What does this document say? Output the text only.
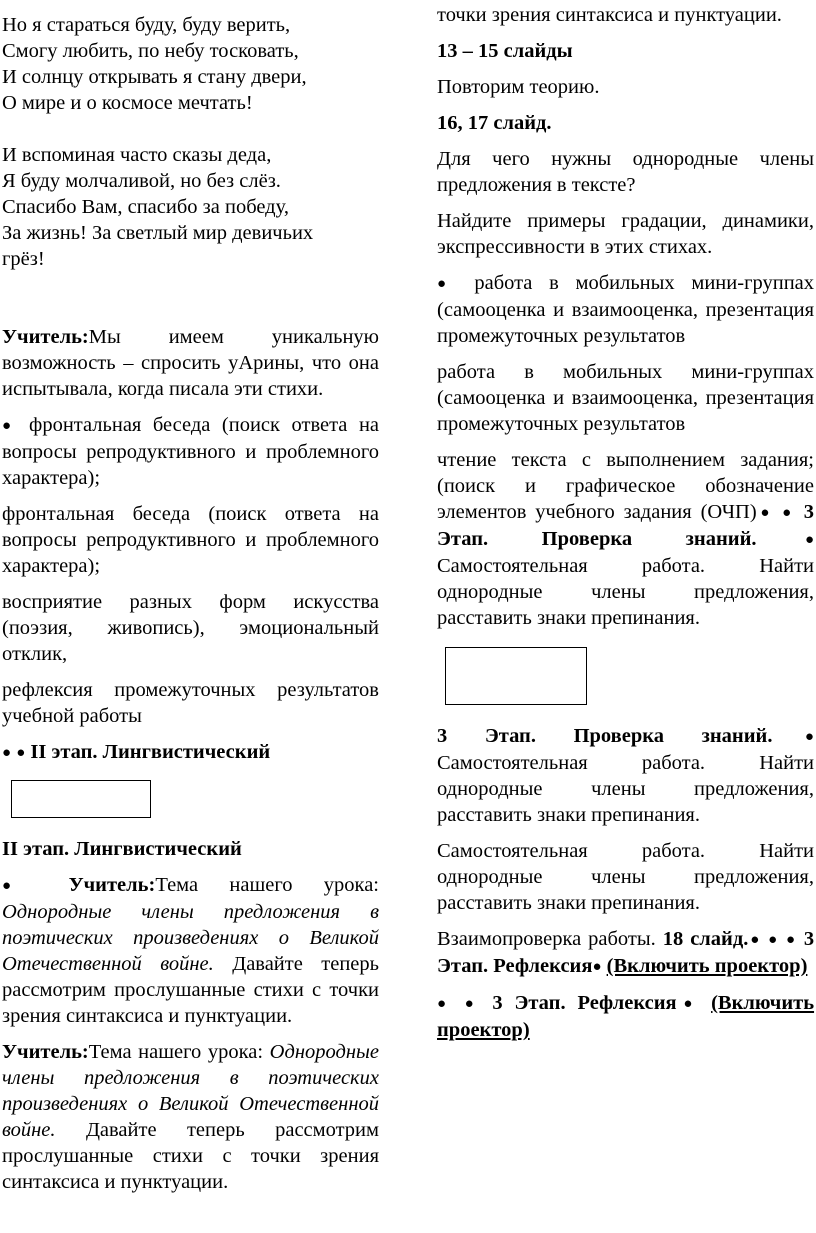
Но я стараться буду, буду верить,
Смогу любить, по небу тосковать,
И солнцу открывать я стану двери,
О мире и о космосе мечтать!
И вспоминая часто сказы деда,
Я буду молчаливой, но без слёз.
Спасибо Вам, спасибо за победу,
За жизнь! За светлый мир девичьих
грёз!
Учитель:Мы имеем уникальную возможность – спросить уАрины, что она испытывала, когда писала эти стихи.
● фронтальная беседа (поиск ответа на вопросы репродуктивного и проблемного характера);
фронтальная беседа (поиск ответа на вопросы репродуктивного и проблемного характера);
восприятие разных форм искусства (поэзия, живопись), эмоциональный отклик,
рефлексия промежуточных результатов учебной работы
● ● II этап. Лингвистический
II этап. Лингвистический
● Учитель:Тема нашего урока: Однородные члены предложения в поэтических произведениях о Великой Отечественной войне. Давайте теперь рассмотрим прослушанные стихи с точки зрения синтаксиса и пунктуации.
Учитель:Тема нашего урока: Однородные члены предложения в поэтических произведениях о Великой Отечественной войне. Давайте теперь рассмотрим прослушанные стихи с точки зрения синтаксиса и пунктуации.
точки зрения синтаксиса и пунктуации.
13 – 15 слайды
Повторим теорию.
16, 17 слайд.
Для чего нужны однородные члены предложения в тексте?
Найдите примеры градации, динамики, экспрессивности в этих стихах.
● работа в мобильных мини-группах (самооценка и взаимооценка, презентация промежуточных результатов
работа в мобильных мини-группах (самооценка и взаимооценка, презентация промежуточных результатов
чтение текста с выполнением задания;(поиск и графическое обозначение элементов учебного задания (ОЧП)● ● 3 Этап. Проверка знаний.● Самостоятельная работа. Найти однородные члены предложения, расставить знаки препинания.
3 Этап. Проверка знаний.● Самостоятельная работа. Найти однородные члены предложения, расставить знаки препинания.
Самостоятельная работа. Найти однородные члены предложения, расставить знаки препинания.
Взаимопроверка работы. 18 слайд.● ● ● 3 Этап. Рефлексия● (Включить проектор)
● ● 3 Этап. Рефлексия● (Включить проектор)
